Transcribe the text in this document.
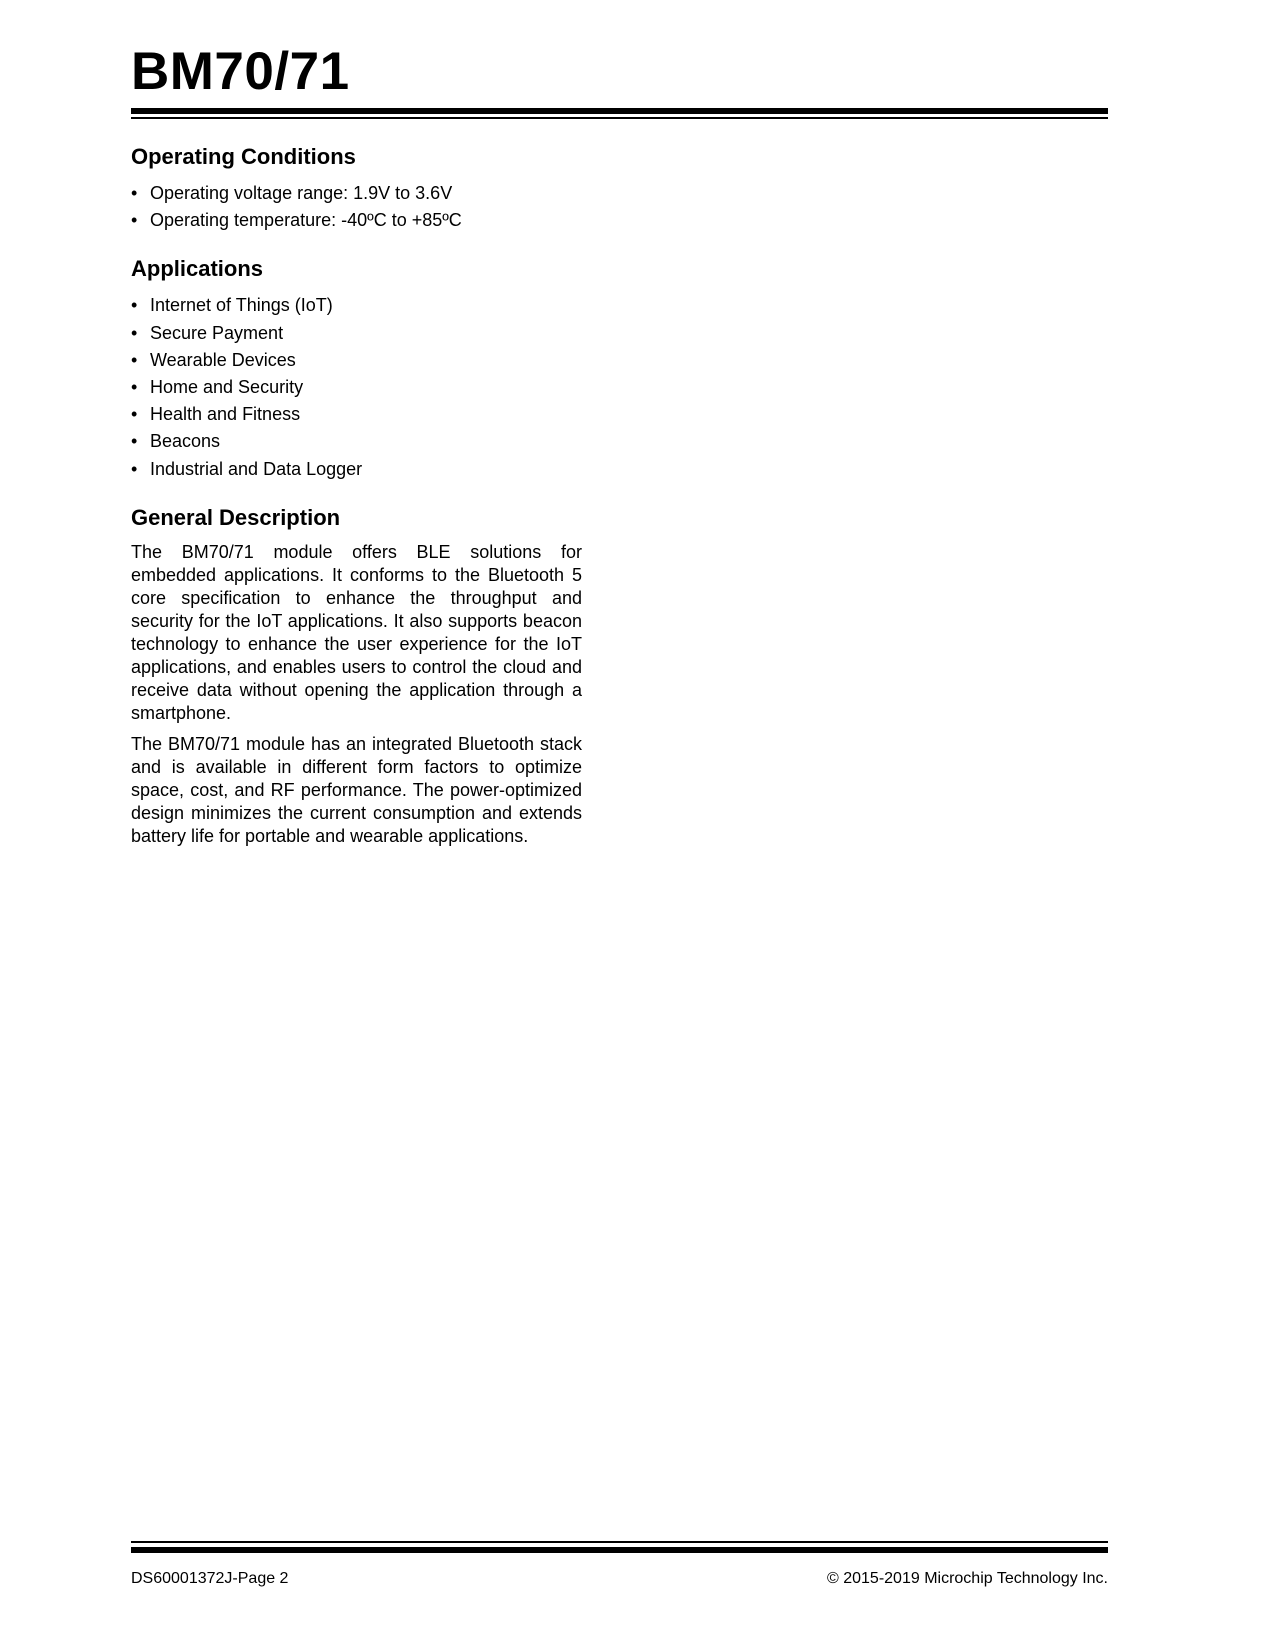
BM70/71
Operating Conditions
• Operating voltage range: 1.9V to 3.6V
• Operating temperature: -40ºC to +85ºC
Applications
• Internet of Things (IoT)
• Secure Payment
• Wearable Devices
• Home and Security
• Health and Fitness
• Beacons
• Industrial and Data Logger
General Description

The BM70/71 module offers BLE solutions for embedded applications. It conforms to the Bluetooth 5 core specification to enhance the throughput and security for the IoT applications. It also supports beacon technology to enhance the user experience for the IoT applications, and enables users to control the cloud and receive data without opening the application through a smartphone.

The BM70/71 module has an integrated Bluetooth stack and is available in different form factors to optimize space, cost, and RF performance. The power-optimized design minimizes the current consumption and extends battery life for portable and wearable applications.

DS60001372J-Page 2	© 2015-2019 Microchip Technology Inc.
